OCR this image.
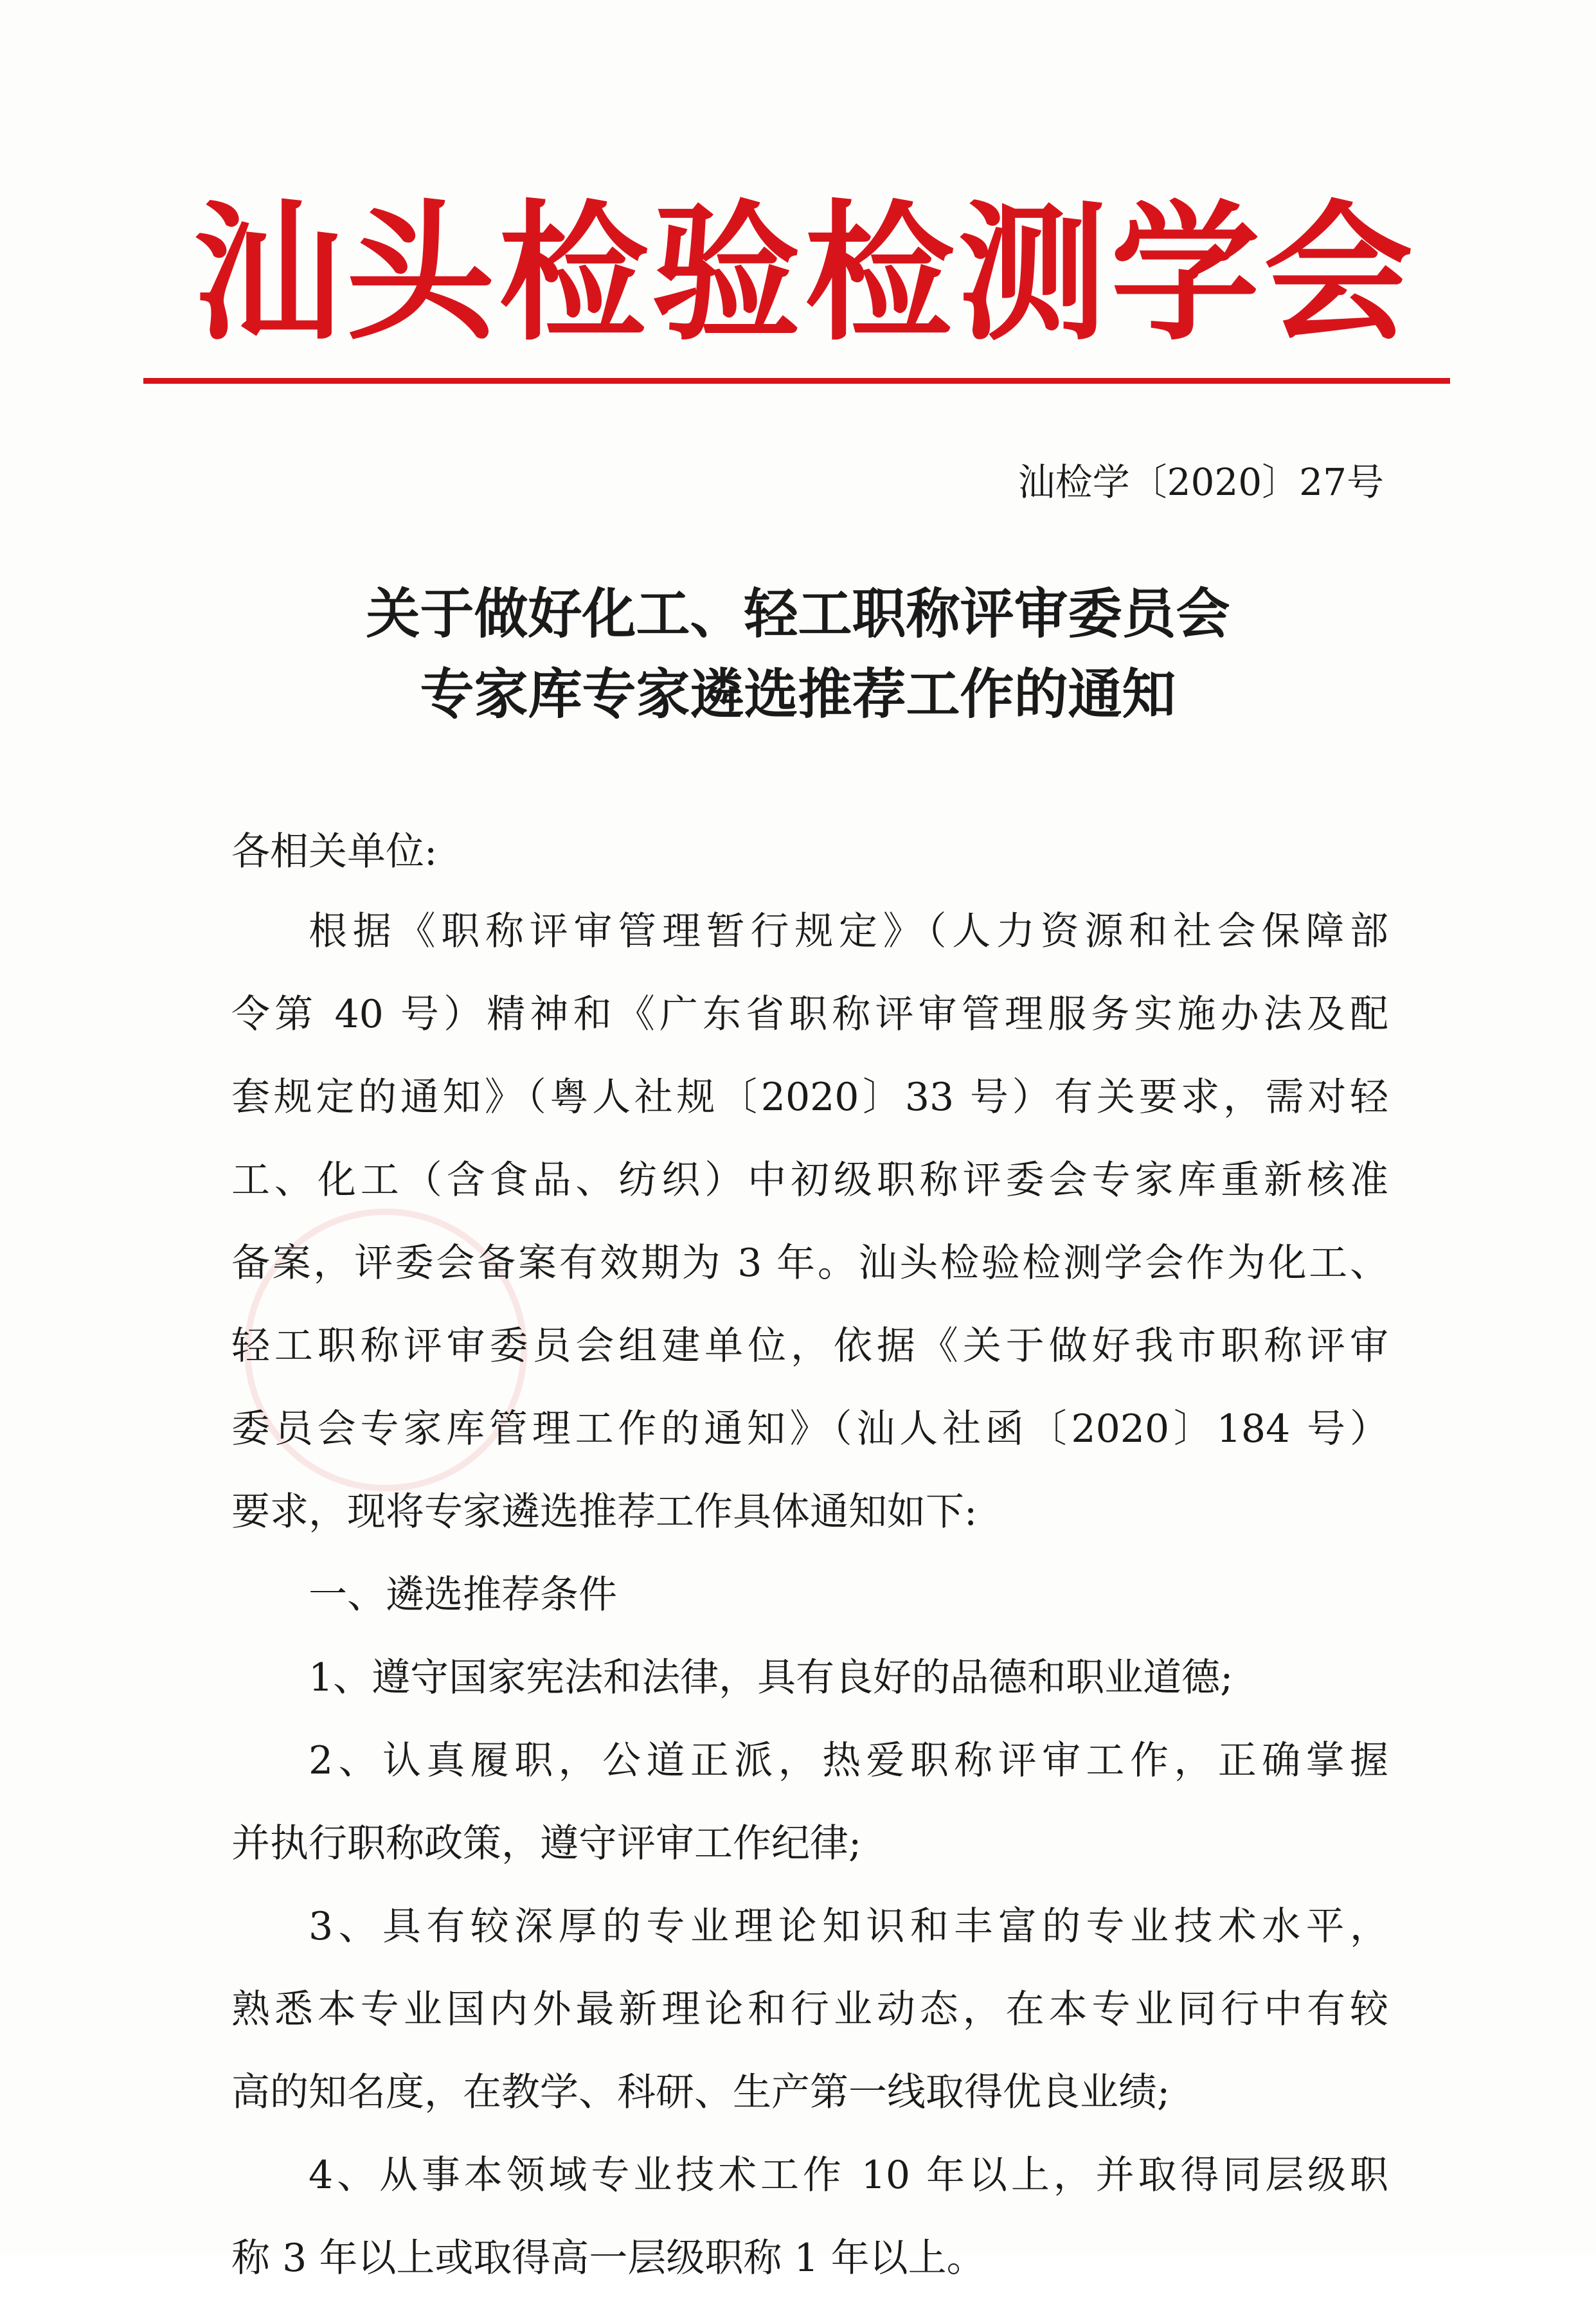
汕头检验检测学会
汕检学〔2020〕27号
关于做好化工、轻工职称评审委员会
专家库专家遴选推荐工作的通知
各相关单位:
根据《职称评审管理暂行规定》（人力资源和社会保障部
令第 40 号）精神和《广东省职称评审管理服务实施办法及配
套规定的通知》（粤人社规〔2020〕33 号）有关要求，需对轻
工、化工（含食品、纺织）中初级职称评委会专家库重新核准
备案，评委会备案有效期为 3 年。汕头检验检测学会作为化工、
轻工职称评审委员会组建单位，依据《关于做好我市职称评审
委员会专家库管理工作的通知》（汕人社函〔2020〕184 号）
要求，现将专家遴选推荐工作具体通知如下:
一、遴选推荐条件
1、遵守国家宪法和法律，具有良好的品德和职业道德;
2、认真履职，公道正派，热爱职称评审工作，正确掌握
并执行职称政策，遵守评审工作纪律;
3、具有较深厚的专业理论知识和丰富的专业技术水平，
熟悉本专业国内外最新理论和行业动态，在本专业同行中有较
高的知名度，在教学、科研、生产第一线取得优良业绩;
4、从事本领域专业技术工作 10 年以上，并取得同层级职
称 3 年以上或取得高一层级职称 1 年以上。
